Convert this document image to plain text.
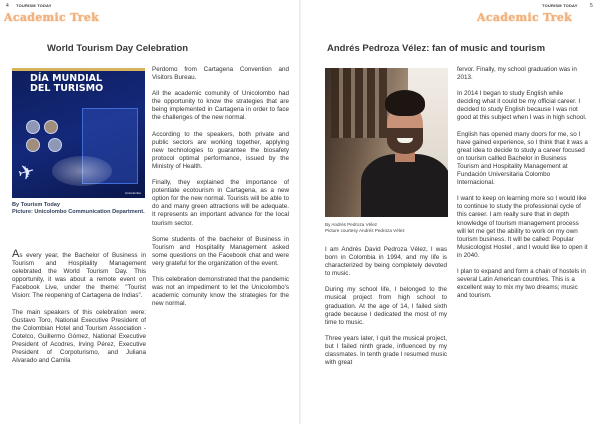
4 TOURISM TODAY
Academic Trek
World Tourism Day Celebration
DÍA MUNDIAL
DEL TURISMO
✈
Unicolombo
By Tourism Today
Picture: Unicolombo Communication Department.

As every year, the Bachelor of Business in Tourism and Hospitality Management celebrated the World Tourism Day. This opportunity, it was about a remote event on Facebook Live, under the theme: "Tourist Vision: The reopening of Cartagena de Indias".

The main speakers of this celebration were: Gustavo Toro, National Executive President of the Colombian Hotel and Tourism Association - Cotelco, Guillermo Gómez, National Executive President of Acodres, Irving Pérez, Executive President of Corpoturismo, and Juliana Alvarado and Camila

Perdomo from Cartagena Convention and Visitors Bureau.

All the academic comunity of Unicolombo had the opportunity to know the strategies that are being implemented in Cartagena in order to face the challenges of the new normal.

According to the speakers, both private and public sectors are working together, applying new technologies to guarantee the biosafety protocol optimal performance, issued by the Ministry of Health.

Finally, they explained the importance of potentiate ecotourism in Cartagena, as a new option for the new normal. Tourists will be able to do and many green attractions will be adequate. It represents an important advance for the local tourism sector.

Some students of the bachelor of Business in Tourism and Hospitality Management asked some questions on the Facebook chat and were very grateful for the organization of the event.

This celebration demonstrated that the pandemic was not an impediment to let the Unicolombo's academic comunity know the strategies for the new normal.

TOURISM TODAY 5
Academic Trek
Andrés Pedroza Vélez: fan of music and tourism
By Andrés Pedroza Vélez
Picture courtesy Andrés Pedroza Vélez

I am Andrés David Pedroza Vélez, I was born in Colombia in 1994, and my life is characterized by being completely devoted to music.

During my school life, I belonged to the musical project from high school to graduation. At the age of 14, I failed sixth grade because I dedicated the most of my time to music.

Three years later, I quit the musical project, but I failed ninth grade, influenced by my classmates. In tenth grade I resumed music with great

fervor. Finally, my school graduation was in 2013.

In 2014 I began to study English while deciding what it could be my official career. I decided to study English because I was not good at this subject when I was in high school.

English has opened many doors for me, so I have gained experience, so I think that it was a great idea to decide to study a career focused on tourism callled Bachelor in Business Tourism and Hospitality Management at Fundación Universitaria Colombo Internacional.

I want to keep on learning more so I would like to continue to study the professional cycle of this career. I am really sure that in depth knowledge of tourism management process will let me get the ability to work on my own tourism business. It will be called: Popular Musicologist Hostel , and I would like to open it in 2040.

I plan to expand and form a chain of hostels in several Latin American countries. This is a excellent way to mix my two dreams; music and tourism.
